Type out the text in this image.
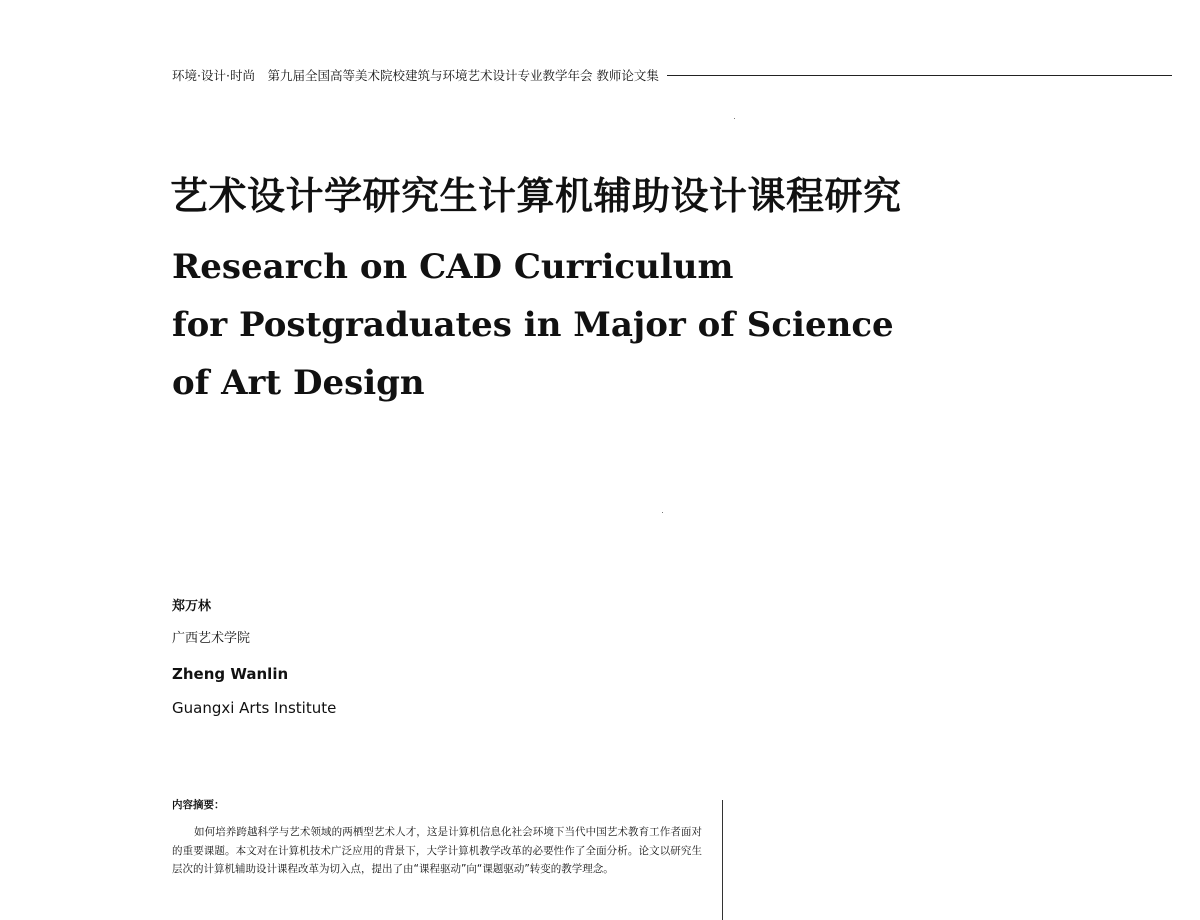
环境·设计·时尚　第九届全国高等美术院校建筑与环境艺术设计专业教学年会 教师论文集
艺术设计学研究生计算机辅助设计课程研究
Research on CAD Curriculum
for Postgraduates in Major of Science
of Art Design
郑万林
广西艺术学院
Zheng Wanlin
Guangxi Arts Institute
内容摘要：

如何培养跨越科学与艺术领域的两栖型艺术人才，这是计算机信息化社会环境下当代中国艺术教育工作者面对的重要课题。本文对在计算机技术广泛应用的背景下，大学计算机教学改革的必要性作了全面分析。论文以研究生层次的计算机辅助设计课程改革为切入点，提出了由“课程驱动”向“课题驱动”转变的教学理念。
